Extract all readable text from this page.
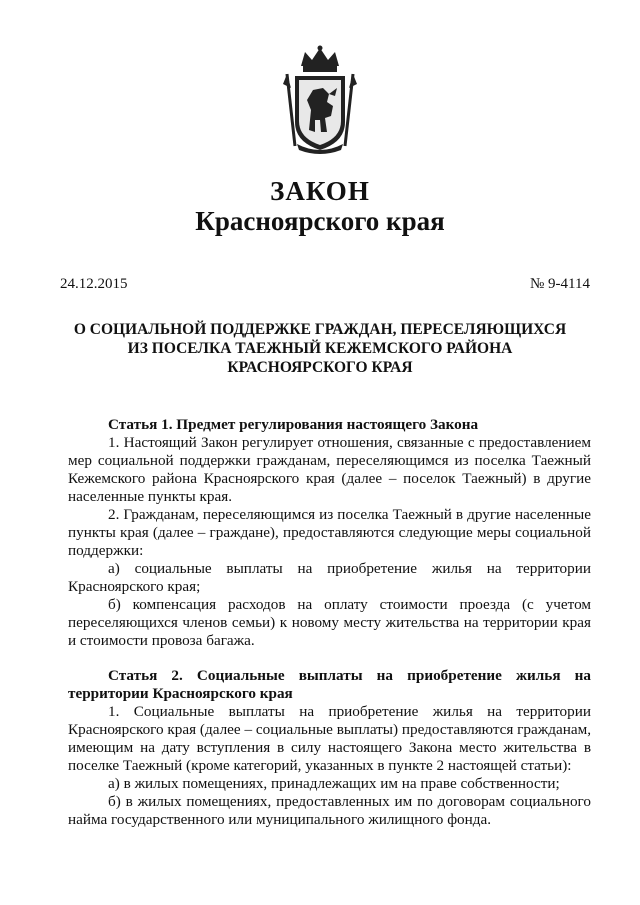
ЗАКОН
Красноярского края
24.12.2015	№ 9-4114
О СОЦИАЛЬНОЙ ПОДДЕРЖКЕ ГРАЖДАН, ПЕРЕСЕЛЯЮЩИХСЯ
ИЗ ПОСЕЛКА ТАЕЖНЫЙ КЕЖЕМСКОГО РАЙОНА
КРАСНОЯРСКОГО КРАЯ

Статья 1. Предмет регулирования настоящего Закона

1. Настоящий Закон регулирует отношения, связанные с предоставлением мер социальной поддержки гражданам, переселяющимся из поселка Таежный Кежемского района Красноярского края (далее – поселок Таежный) в другие населенные пункты края.

2. Гражданам, переселяющимся из поселка Таежный в другие населенные пункты края (далее – граждане), предоставляются следующие меры социальной поддержки:

а) социальные выплаты на приобретение жилья на территории Красноярского края;

б) компенсация расходов на оплату стоимости проезда (с учетом переселяющихся членов семьи) к новому месту жительства на территории края и стоимости провоза багажа.

Статья 2. Социальные выплаты на приобретение жилья на территории Красноярского края

1. Социальные выплаты на приобретение жилья на территории Красноярского края (далее – социальные выплаты) предоставляются гражданам, имеющим на дату вступления в силу настоящего Закона место жительства в поселке Таежный (кроме категорий, указанных в пункте 2 настоящей статьи):

а) в жилых помещениях, принадлежащих им на праве собственности;

б) в жилых помещениях, предоставленных им по договорам социального найма государственного или муниципального жилищного фонда.
